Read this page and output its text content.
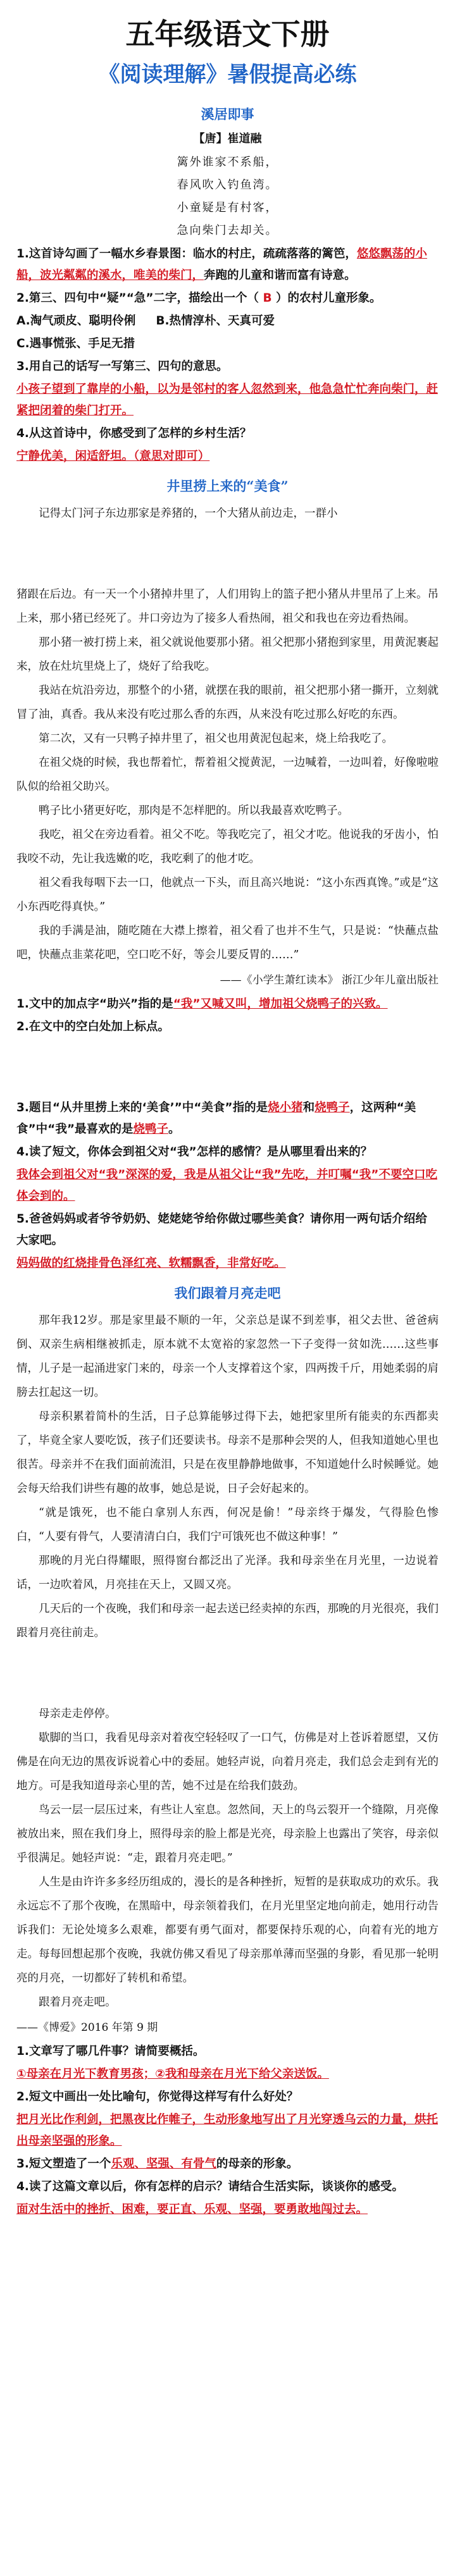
五年级语文下册
《阅读理解》暑假提高必练
溪居即事
【唐】崔道融
篱外谁家不系船，
春风吹入钓鱼湾。
小童疑是有村客，
急向柴门去却关。

1.这首诗勾画了一幅水乡春景图：临水的村庄，疏疏落落的篱笆，悠悠飘荡的小船，波光粼粼的溪水，唯美的柴门，奔跑的儿童和谐而富有诗意。

2.第三、四句中“疑”“急”二字，描绘出一个（ B ）的农村儿童形象。

A.淘气顽皮、聪明伶俐 B.热情淳朴、天真可爱

C.遇事慌张、手足无措

3.用自己的话写一写第三、四句的意思。

小孩子望到了靠岸的小船，以为是邻村的客人忽然到来，他急急忙忙奔向柴门，赶紧把闭着的柴门打开。

4.从这首诗中，你感受到了怎样的乡村生活？

宁静优美，闲适舒坦。（意思对即可）

井里捞上来的“美食”

记得太门河子东边那家是养猪的，一个大猪从前边走，一群小

猪跟在后边。有一天一个小猪掉井里了，人们用钩上的篮子把小猪从井里吊了上来。吊上来，那小猪已经死了。井口旁边为了接多人看热闹，祖父和我也在旁边看热闹。

那小猪一被打捞上来，祖父就说他要那小猪。祖父把那小猪抱到家里，用黄泥裹起来，放在灶坑里烧上了，烧好了给我吃。

我站在炕沿旁边，那整个的小猪，就摆在我的眼前，祖父把那小猪一撕开，立刻就冒了油，真香。我从来没有吃过那么香的东西，从来没有吃过那么好吃的东西。

第二次，又有一只鸭子掉井里了，祖父也用黄泥包起来，烧上给我吃了。

在祖父烧的时候，我也帮着忙，帮着祖父搅黄泥，一边喊着，一边叫着，好像啦啦队似的给祖父助兴。

鸭子比小猪更好吃，那肉是不怎样肥的。所以我最喜欢吃鸭子。

我吃，祖父在旁边看着。祖父不吃。等我吃完了，祖父才吃。他说我的牙齿小，怕我咬不动，先让我选嫩的吃，我吃剩了的他才吃。

祖父看我每咽下去一口，他就点一下头，而且高兴地说：“这小东西真馋。”或是“这小东西吃得真快。”

我的手满是油，随吃随在大襟上擦着，祖父看了也并不生气，只是说：“快蘸点盐吧，快蘸点韭菜花吧，空口吃不好，等会儿要反胃的……”

——《小学生萧红读本》 浙江少年儿童出版社

1.文中的加点字“助兴”指的是“我”又喊又叫，增加祖父烧鸭子的兴致。

2.在文中的空白处加上标点。

3.题目“从井里捞上来的‘美食’”中“美食”指的是烧小猪和烧鸭子，这两种“美食”中“我”最喜欢的是烧鸭子。

4.读了短文，你体会到祖父对“我”怎样的感情？是从哪里看出来的？

我体会到祖父对“我”深深的爱，我是从祖父让“我”先吃，并叮嘱“我”不要空口吃体会到的。

5.爸爸妈妈或者爷爷奶奶、姥姥姥爷给你做过哪些美食？请你用一两句话介绍给大家吧。

妈妈做的红烧排骨色泽红亮、软糯飘香，非常好吃。

我们跟着月亮走吧

那年我12岁。那是家里最不顺的一年，父亲总是谋不到差事，祖父去世、爸爸病倒、双亲生病相继被抓走，原本就不太宽裕的家忽然一下子变得一贫如洗……这些事情，儿子是一起涌进家门来的，母亲一个人支撑着这个家，四两拨千斤，用她柔弱的肩膀去扛起这一切。

母亲积累着简朴的生活，日子总算能够过得下去，她把家里所有能卖的东西都卖了，毕竟全家人要吃饭，孩子们还要读书。母亲不是那种会哭的人，但我知道她心里也很苦。母亲并不在我们面前流泪，只是在夜里静静地做事，不知道她什么时候睡觉。她会每天给我们讲些有趣的故事，她总是说，日子会好起来的。

“就是饿死，也不能白拿别人东西，何况是偷！”母亲终于爆发，气得脸色惨白，“人要有骨气，人要清清白白，我们宁可饿死也不做这种事！”

那晚的月光白得耀眼，照得窗台都泛出了光泽。我和母亲坐在月光里，一边说着话，一边吹着风，月亮挂在天上，又圆又亮。

几天后的一个夜晚，我们和母亲一起去送已经卖掉的东西，那晚的月光很亮，我们跟着月亮往前走。

母亲走走停停。

歇脚的当口，我看见母亲对着夜空轻轻叹了一口气，仿佛是对上苍诉着愿望，又仿佛是在向无边的黑夜诉说着心中的委屈。她轻声说，向着月亮走，我们总会走到有光的地方。可是我知道母亲心里的苦，她不过是在给我们鼓劲。

鸟云一层一层压过来，有些让人室息。忽然间，天上的鸟云裂开一个缝隙，月亮像被放出来，照在我们身上，照得母亲的脸上都是光亮，母亲脸上也露出了笑容，母亲似乎很满足。她轻声说：“走，跟着月亮走吧。”

人生是由许许多多经历组成的，漫长的是各种挫折，短暂的是获取成功的欢乐。我永远忘不了那个夜晚，在黑暗中，母亲领着我们，在月光里坚定地向前走，她用行动告诉我们：无论处境多么艰难，都要有勇气面对，都要保持乐观的心，向着有光的地方走。每每回想起那个夜晚，我就仿佛又看见了母亲那单薄而坚强的身影，看见那一轮明亮的月亮，一切都好了转机和希望。

跟着月亮走吧。

——《博爱》2016 年第 9 期

1.文章写了哪几件事？请简要概括。

①母亲在月光下教育男孩；②我和母亲在月光下给父亲送饭。

2.短文中画出一处比喻句，你觉得这样写有什么好处？

把月光比作利剑，把黑夜比作帷子，生动形象地写出了月光穿透乌云的力量，烘托出母亲坚强的形象。

3.短文塑造了一个乐观、坚强、有骨气的母亲的形象。

4.读了这篇文章以后，你有怎样的启示？请结合生活实际，谈谈你的感受。

面对生活中的挫折、困难，要正直、乐观、坚强，要勇敢地闯过去。
